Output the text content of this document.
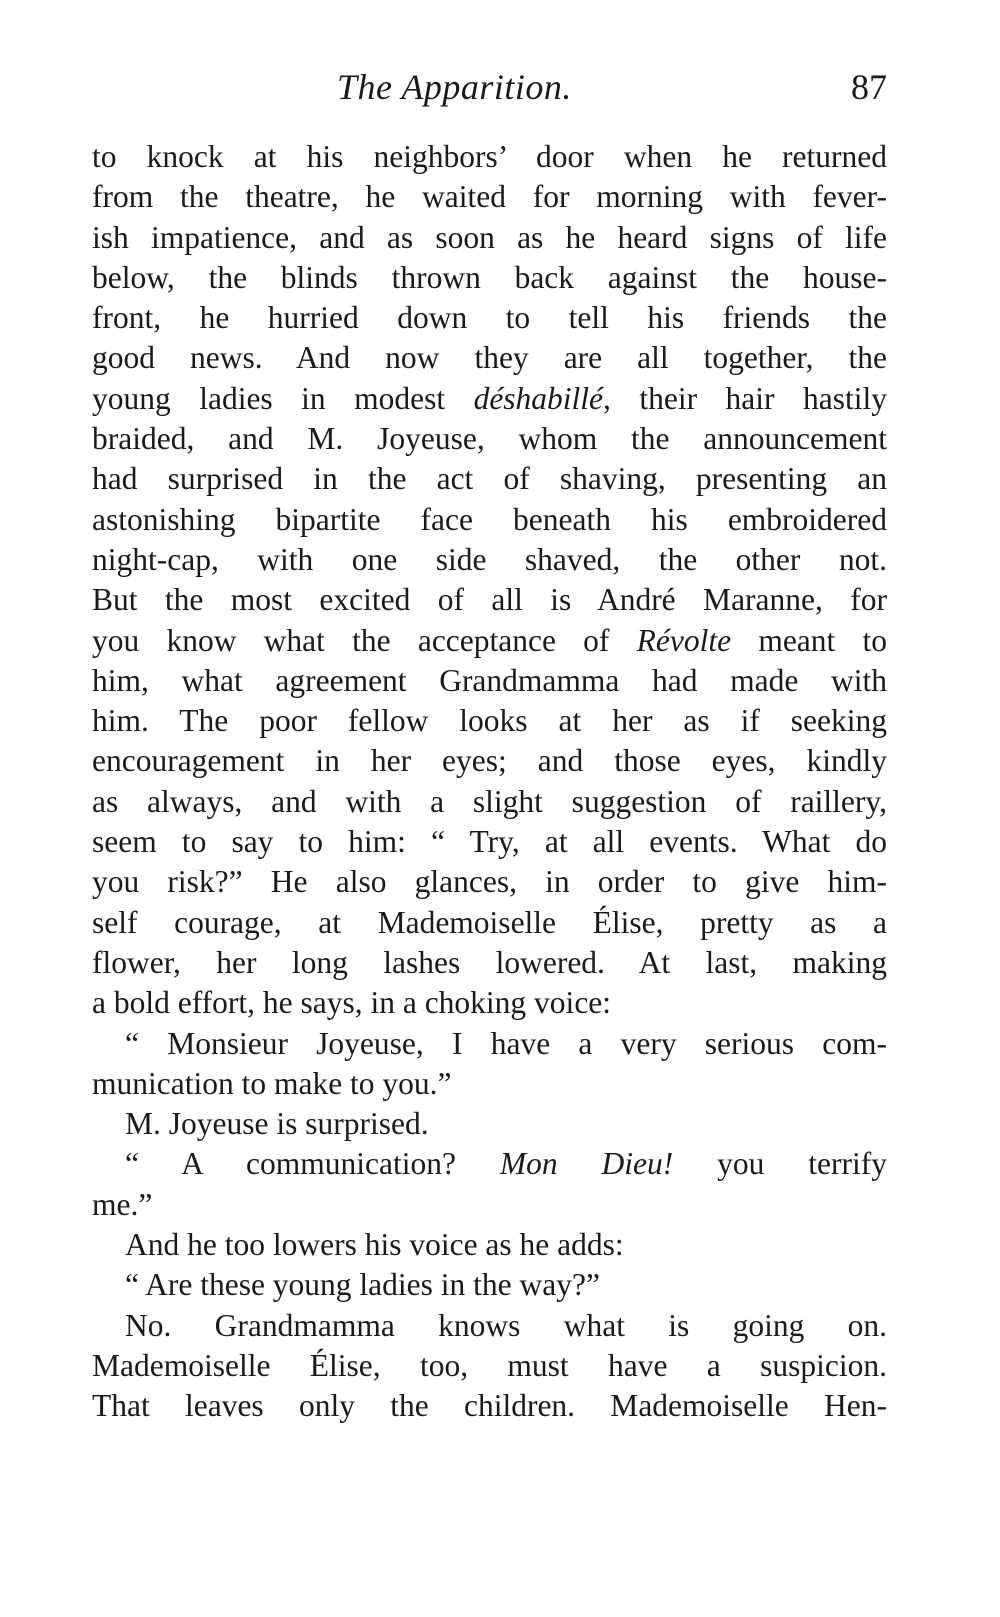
The Apparition.	87
to knock at his neighbors’ door when he returned
from the theatre, he waited for morning with fever-
ish impatience, and as soon as he heard signs of life
below, the blinds thrown back against the house-
front, he hurried down to tell his friends the
good news. And now they are all together, the
young ladies in modest déshabillé, their hair hastily
braided, and M. Joyeuse, whom the announcement
had surprised in the act of shaving, presenting an
astonishing bipartite face beneath his embroidered
night-cap, with one side shaved, the other not.
But the most excited of all is André Maranne, for
you know what the acceptance of Révolte meant to
him, what agreement Grandmamma had made with
him. The poor fellow looks at her as if seeking
encouragement in her eyes; and those eyes, kindly
as always, and with a slight suggestion of raillery,
seem to say to him: “ Try, at all events. What do
you risk?” He also glances, in order to give him-
self courage, at Mademoiselle Élise, pretty as a
flower, her long lashes lowered. At last, making
a bold effort, he says, in a choking voice:
“ Monsieur Joyeuse, I have a very serious com-
munication to make to you.”
M. Joyeuse is surprised.
“ A communication? Mon Dieu! you terrify
me.”
And he too lowers his voice as he adds:
“ Are these young ladies in the way?”
No. Grandmamma knows what is going on.
Mademoiselle Élise, too, must have a suspicion.
That leaves only the children. Mademoiselle Hen-
